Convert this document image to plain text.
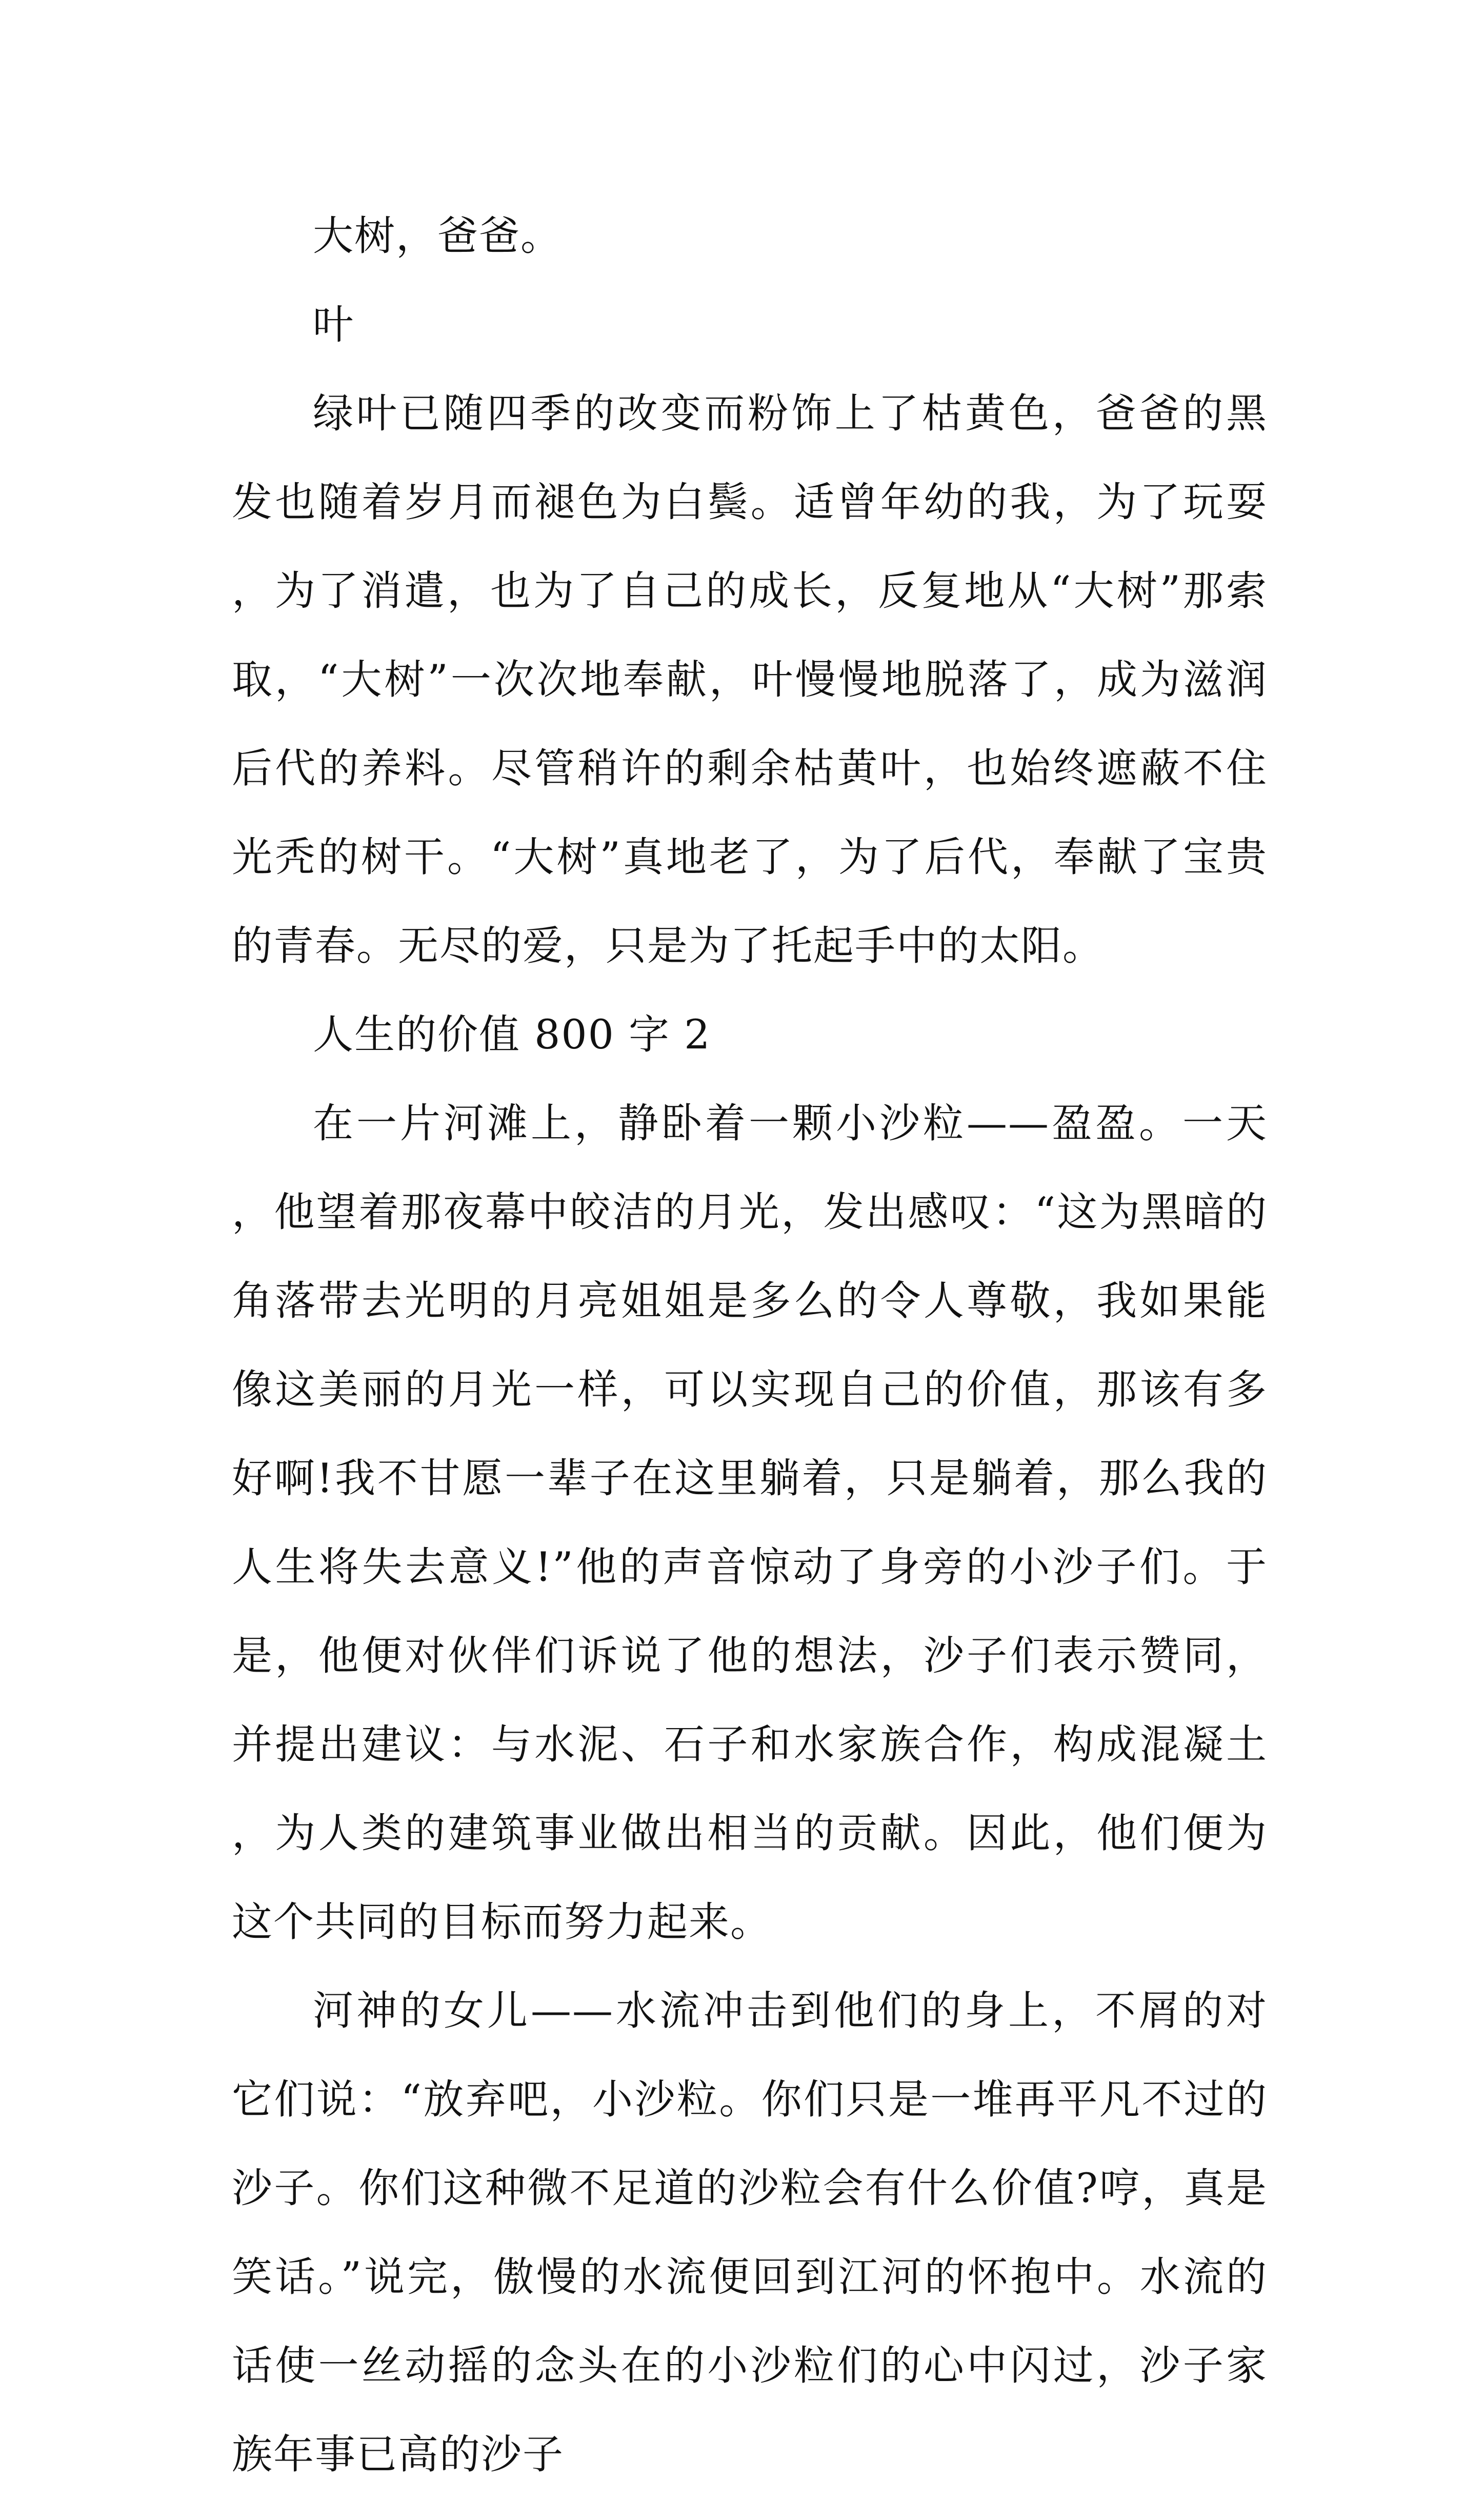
大树，爸爸。

叶

绿叶已随四季的改变而粉饰上了枯黄色，爸爸的黑发也随着岁月而褪色为白鬓。适曾年幼的我，为了玩耍，为了消遣，也为了自己的成长，反复地从“大树”那索取，“大树”一次次地奉献，叶慢慢地脱落了，成为滋润后代的养料。尽管稍许的剩余枯黄叶，也始终遮蔽不住光秃的树干。“大树”真地老了，为了后代，奉献了宝贵的青春。无尽的爱，只是为了托起手中的太阳。

人生的价值 800 字 2

在一片河滩上，静卧着一颗小沙粒——盈盈。一天，他望着那夜幕中皎洁的月光，发出感叹：“这为黑暗的角落带去光明的月亮姐姐是多么的令人尊敬，我如果能像这美丽的月光一样，可以实现自己的价值，那该有多好啊!我不甘愿一辈子在这里躺着，只是躺着，那么我的人生将失去意义!”他的声音惊动了身旁的小沙子们。于是，他便对伙伴们诉说了他的想法，沙子们表示赞同，并提出建议：与水泥、石子和水家族合作，构成混凝土，为人类的建筑事业做出相当的贡献。因此，他们便为这个共同的目标而努力起来。

河神的女儿——水流冲击到他们的身上，不屑的对它们说：“放弃吧，小沙粒。你们只是一堆再平凡不过的沙子。你们这种微不足道的沙粒会有什么价值?哼，真是笑话。”说完，傲慢的水流便回到江河的怀抱中。水流的话使一丝动摇的念头在的小沙粒们的心中闪过，沙子家族年事已高的沙子
